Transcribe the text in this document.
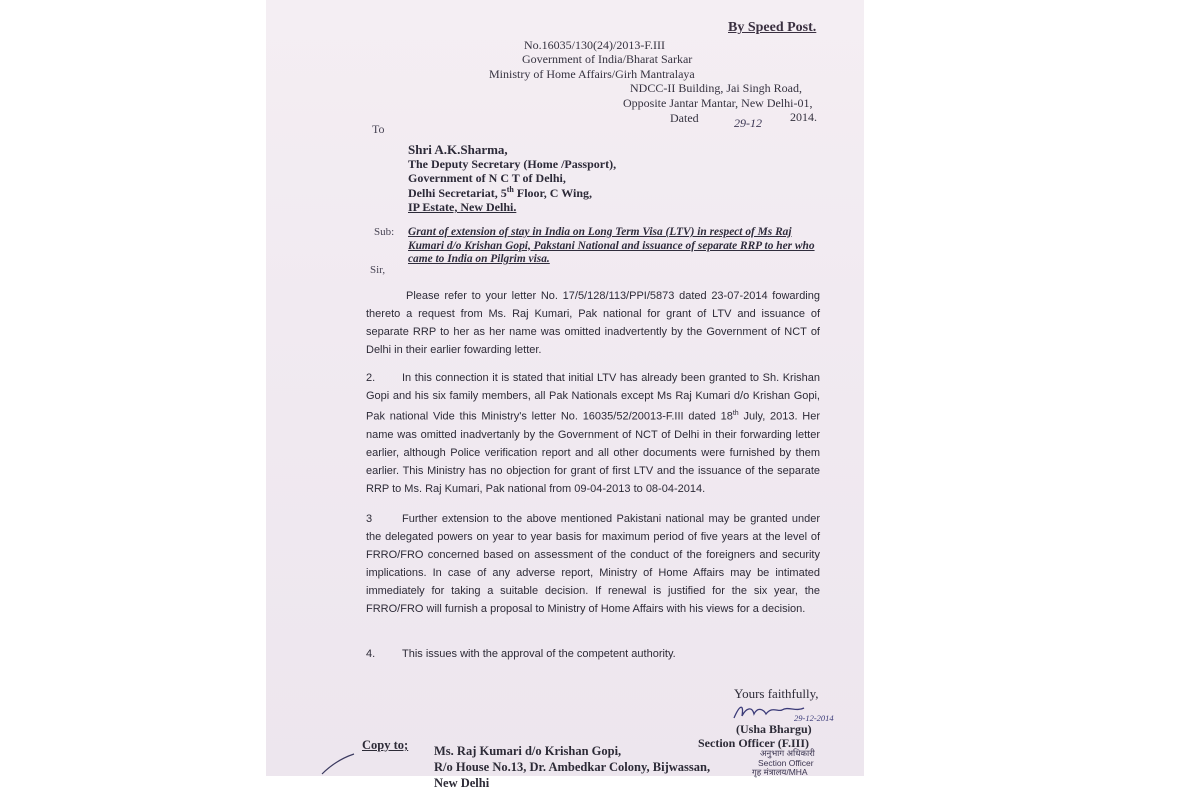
By Speed Post.
No.16035/130(24)/2013-F.III
Government of India/Bharat Sarkar
Ministry of Home Affairs/Girh Mantralaya
NDCC-II Building, Jai Singh Road,
Opposite Jantar Mantar, New Delhi-01,
Dated	29-12 2014.
To
Shri A.K.Sharma,
The Deputy Secretary (Home /Passport),
Government of N C T of Delhi,
Delhi Secretariat, 5th Floor, C Wing,
IP Estate, New Delhi.
Sub: Grant of extension of stay in India on Long Term Visa (LTV) in respect of Ms Raj Kumari d/o Krishan Gopi, Pakstani National and issuance of separate RRP to her who came to India on Pilgrim visa.
Sir,
Please refer to your letter No. 17/5/128/113/PPI/5873 dated 23-07-2014 fowarding thereto a request from Ms. Raj Kumari, Pak national for grant of LTV and issuance of separate RRP to her as her name was omitted inadvertently by the Government of NCT of Delhi in their earlier fowarding letter.
2. In this connection it is stated that initial LTV has already been granted to Sh. Krishan Gopi and his six family members, all Pak Nationals except Ms Raj Kumari d/o Krishan Gopi, Pak national Vide this Ministry's letter No. 16035/52/20013-F.III dated 18th July, 2013. Her name was omitted inadvertanly by the Government of NCT of Delhi in their forwarding letter earlier, although Police verification report and all other documents were furnished by them earlier. This Ministry has no objection for grant of first LTV and the issuance of the separate RRP to Ms. Raj Kumari, Pak national from 09-04-2013 to 08-04-2014.
3	Further extension to the above mentioned Pakistani national may be granted under the delegated powers on year to year basis for maximum period of five years at the level of FRRO/FRO concerned based on assessment of the conduct of the foreigners and security implications. In case of any adverse report, Ministry of Home Affairs may be intimated immediately for taking a suitable decision. If renewal is justified for the six year, the FRRO/FRO will furnish a proposal to Ministry of Home Affairs with his views for a decision.
4. This issues with the approval of the competent authority.
Yours faithfully,
29-12-2014
(Usha Bhargu)
Section Officer (F.III)
अनुभाग अधिकारी
Section Officer
गृह मंत्रालय/MHA
Copy to; Ms. Raj Kumari d/o Krishan Gopi,
R/o House No.13, Dr. Ambedkar Colony, Bijwassan,
New Delhi
